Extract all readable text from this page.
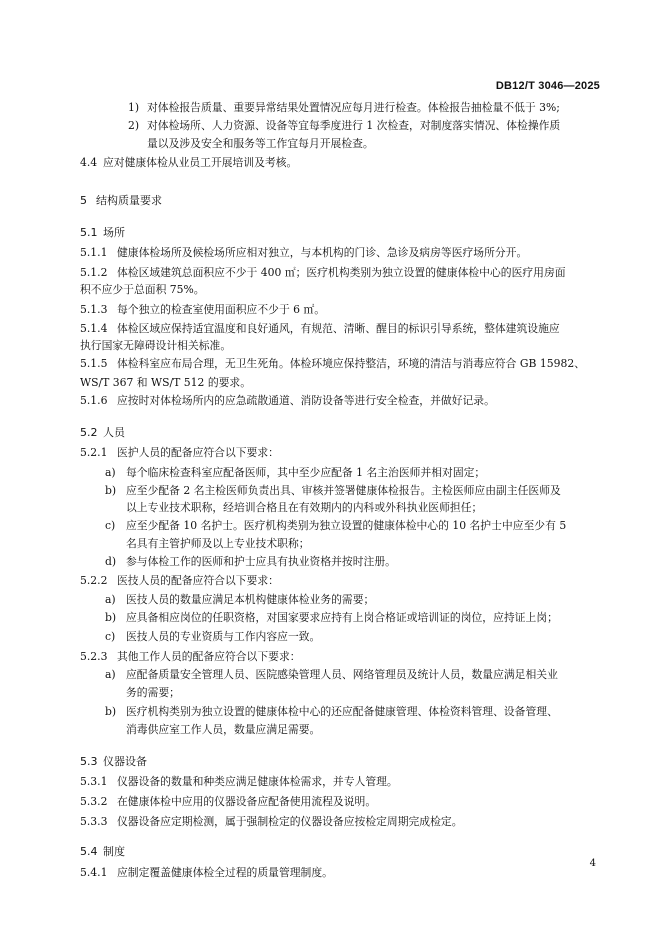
DB12/T 3046—2025
1) 对体检报告质量、重要异常结果处置情况应每月进行检查。体检报告抽检量不低于 3%;
2) 对体检场所、人力资源、设备等宜每季度进行 1 次检查，对制度落实情况、体检操作质
量以及涉及安全和服务等工作宜每月开展检查。
4.4 应对健康体检从业员工开展培训及考核。
5 结构质量要求
5.1 场所
5.1.1 健康体检场所及候检场所应相对独立，与本机构的门诊、急诊及病房等医疗场所分开。
5.1.2 体检区域建筑总面积应不少于 400 ㎡；医疗机构类别为独立设置的健康体检中心的医疗用房面
积不应少于总面积 75%。
5.1.3 每个独立的检查室使用面积应不少于 6 ㎡。
5.1.4 体检区域应保持适宜温度和良好通风，有规范、清晰、醒目的标识引导系统，整体建筑设施应
执行国家无障碍设计相关标准。
5.1.5 体检科室应布局合理，无卫生死角。体检环境应保持整洁，环境的清洁与消毒应符合 GB 15982、
WS/T 367 和 WS/T 512 的要求。
5.1.6 应按时对体检场所内的应急疏散通道、消防设备等进行安全检查，并做好记录。
5.2 人员
5.2.1 医护人员的配备应符合以下要求：
a) 每个临床检查科室应配备医师，其中至少应配备 1 名主治医师并相对固定；
b) 应至少配备 2 名主检医师负责出具、审核并签署健康体检报告。主检医师应由副主任医师及
以上专业技术职称，经培训合格且在有效期内的内科或外科执业医师担任；
c) 应至少配备 10 名护士。医疗机构类别为独立设置的健康体检中心的 10 名护士中应至少有 5
名具有主管护师及以上专业技术职称；
d) 参与体检工作的医师和护士应具有执业资格并按时注册。
5.2.2 医技人员的配备应符合以下要求：
a) 医技人员的数量应满足本机构健康体检业务的需要；
b) 应具备相应岗位的任职资格，对国家要求应持有上岗合格证或培训证的岗位，应持证上岗；
c) 医技人员的专业资质与工作内容应一致。
5.2.3 其他工作人员的配备应符合以下要求：
a) 应配备质量安全管理人员、医院感染管理人员、网络管理员及统计人员，数量应满足相关业
务的需要；
b) 医疗机构类别为独立设置的健康体检中心的还应配备健康管理、体检资料管理、设备管理、
消毒供应室工作人员，数量应满足需要。
5.3 仪器设备
5.3.1 仪器设备的数量和种类应满足健康体检需求，并专人管理。
5.3.2 在健康体检中应用的仪器设备应配备使用流程及说明。
5.3.3 仪器设备应定期检测，属于强制检定的仪器设备应按检定周期完成检定。
5.4 制度
5.4.1 应制定覆盖健康体检全过程的质量管理制度。
4
